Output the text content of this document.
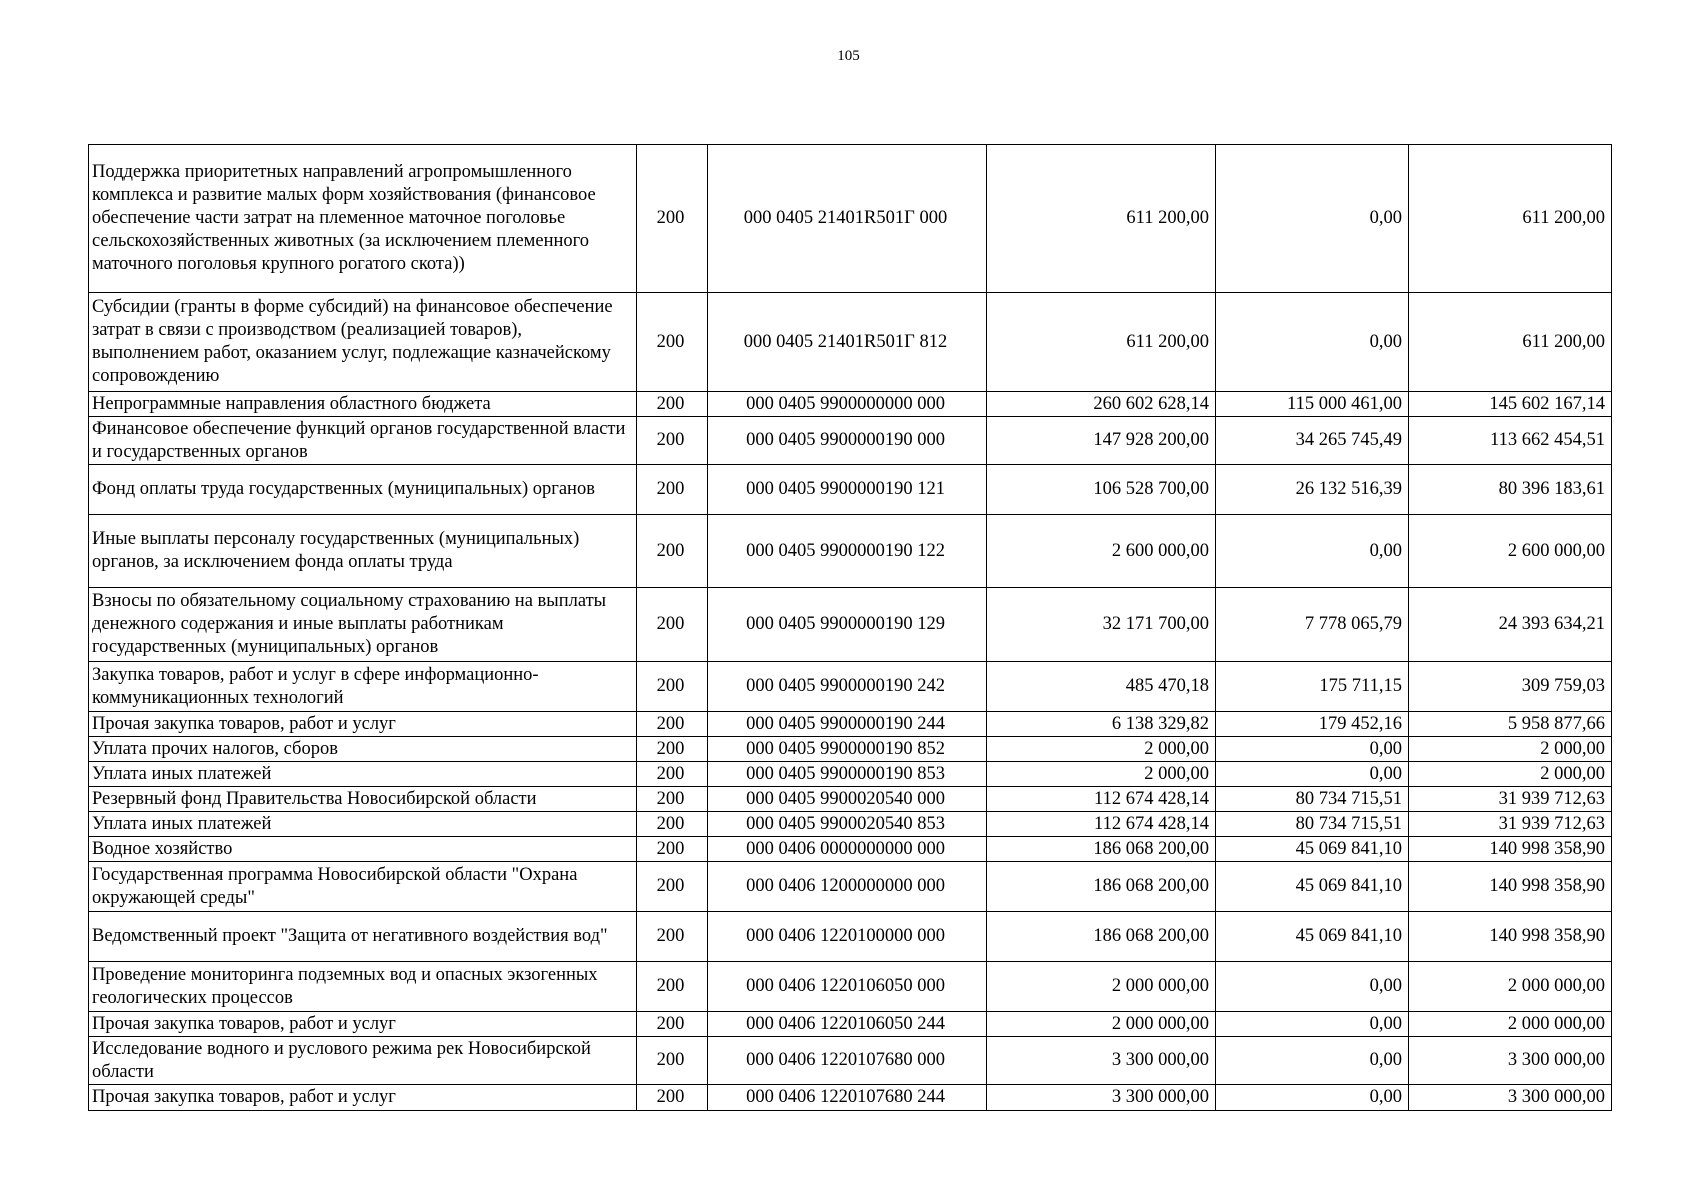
105
Поддержка приоритетных направлений агропромышленного комплекса и развитие малых форм хозяйствования (финансовое обеспечение части затрат на племенное маточное поголовье сельскохозяйственных животных (за исключением племенного маточного поголовья крупного рогатого скота))	200	000 0405 21401R501Г 000	611 200,00	0,00	611 200,00
Субсидии (гранты в форме субсидий) на финансовое обеспечение затрат в связи с производством (реализацией товаров), выполнением работ, оказанием услуг, подлежащие казначейскому сопровождению	200	000 0405 21401R501Г 812	611 200,00	0,00	611 200,00
Непрограммные направления областного бюджета	200	000 0405 9900000000 000	260 602 628,14	115 000 461,00	145 602 167,14
Финансовое обеспечение функций органов государственной власти и государственных органов	200	000 0405 9900000190 000	147 928 200,00	34 265 745,49	113 662 454,51
Фонд оплаты труда государственных (муниципальных) органов	200	000 0405 9900000190 121	106 528 700,00	26 132 516,39	80 396 183,61
Иные выплаты персоналу государственных (муниципальных) органов, за исключением фонда оплаты труда	200	000 0405 9900000190 122	2 600 000,00	0,00	2 600 000,00
Взносы по обязательному социальному страхованию на выплаты денежного содержания и иные выплаты работникам государственных (муниципальных) органов	200	000 0405 9900000190 129	32 171 700,00	7 778 065,79	24 393 634,21
Закупка товаров, работ и услуг в сфере информационно-коммуникационных технологий	200	000 0405 9900000190 242	485 470,18	175 711,15	309 759,03
Прочая закупка товаров, работ и услуг	200	000 0405 9900000190 244	6 138 329,82	179 452,16	5 958 877,66
Уплата прочих налогов, сборов	200	000 0405 9900000190 852	2 000,00	0,00	2 000,00
Уплата иных платежей	200	000 0405 9900000190 853	2 000,00	0,00	2 000,00
Резервный фонд Правительства Новосибирской области	200	000 0405 9900020540 000	112 674 428,14	80 734 715,51	31 939 712,63
Уплата иных платежей	200	000 0405 9900020540 853	112 674 428,14	80 734 715,51	31 939 712,63
Водное хозяйство	200	000 0406 0000000000 000	186 068 200,00	45 069 841,10	140 998 358,90
Государственная программа Новосибирской области "Охрана окружающей среды"	200	000 0406 1200000000 000	186 068 200,00	45 069 841,10	140 998 358,90
Ведомственный проект "Защита от негативного воздействия вод"	200	000 0406 1220100000 000	186 068 200,00	45 069 841,10	140 998 358,90
Проведение мониторинга подземных вод и опасных экзогенных геологических процессов	200	000 0406 1220106050 000	2 000 000,00	0,00	2 000 000,00
Прочая закупка товаров, работ и услуг	200	000 0406 1220106050 244	2 000 000,00	0,00	2 000 000,00
Исследование водного и руслового режима рек Новосибирской области	200	000 0406 1220107680 000	3 300 000,00	0,00	3 300 000,00
Прочая закупка товаров, работ и услуг	200	000 0406 1220107680 244	3 300 000,00	0,00	3 300 000,00
